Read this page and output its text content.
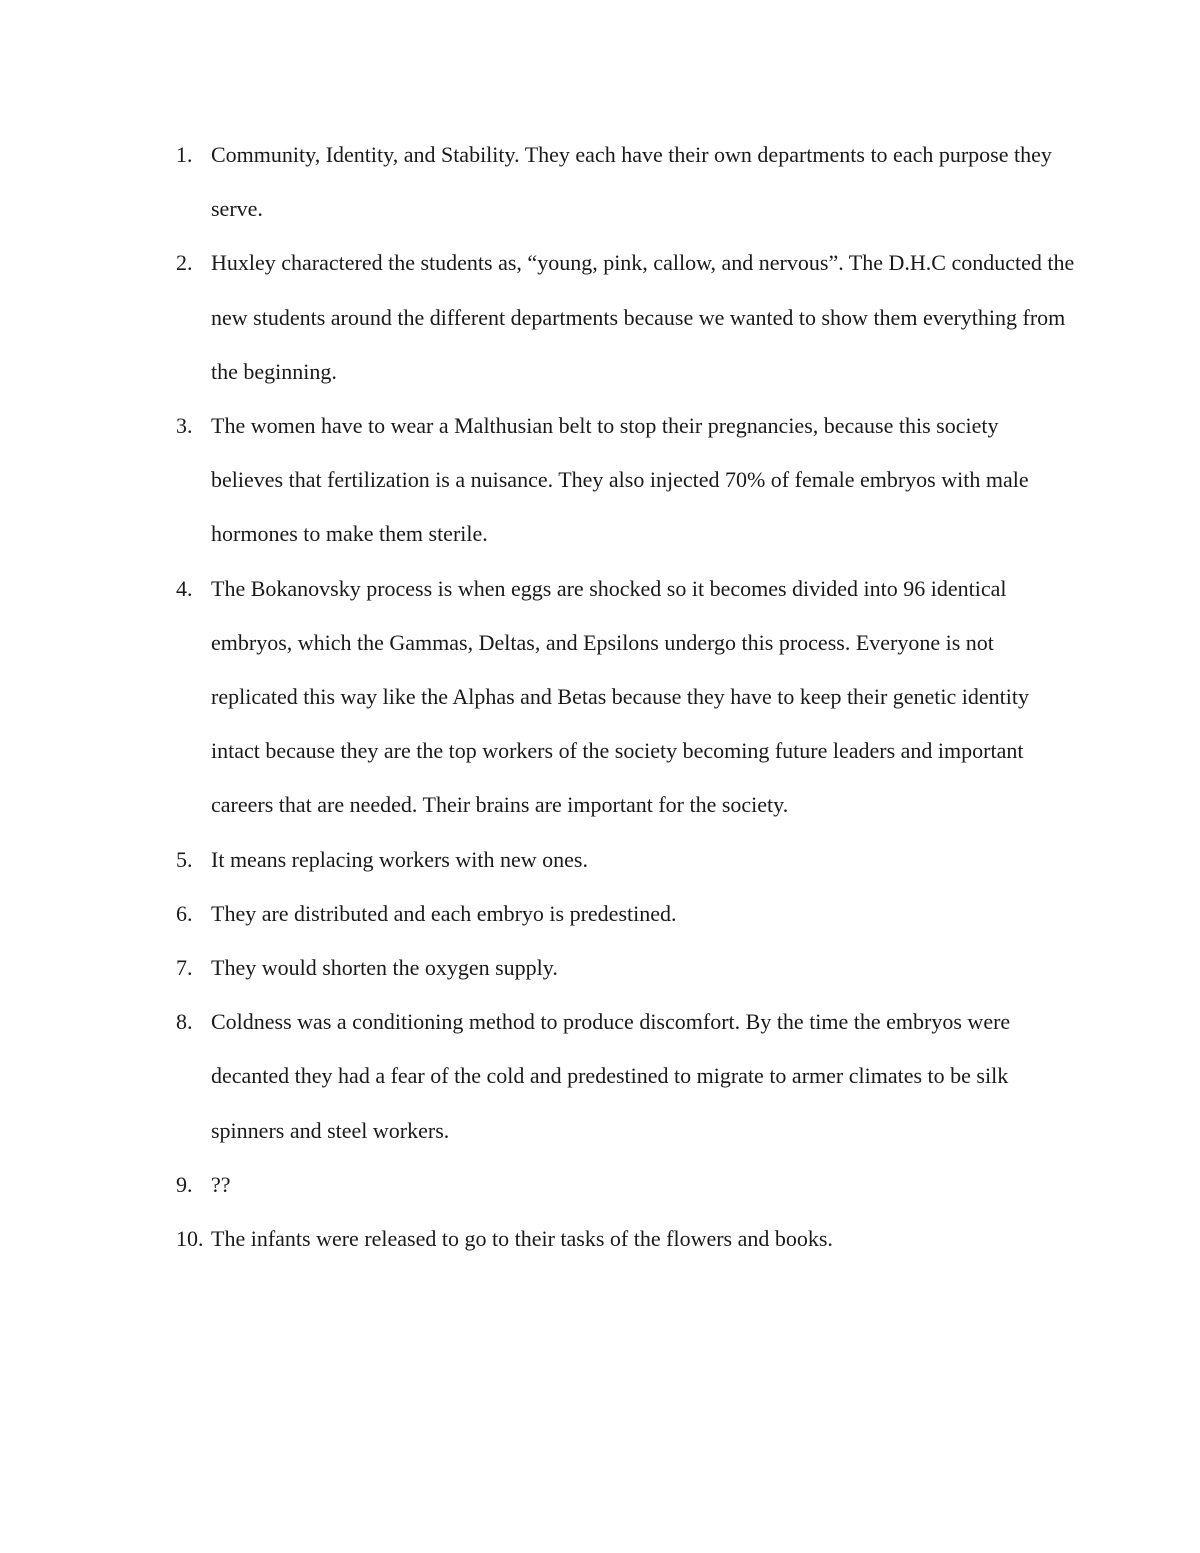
1. Community, Identity, and Stability. They each have their own departments to each purpose they serve.
2. Huxley charactered the students as, “young, pink, callow, and nervous”. The D.H.C conducted the new students around the different departments because we wanted to show them everything from the beginning.
3. The women have to wear a Malthusian belt to stop their pregnancies, because this society believes that fertilization is a nuisance. They also injected 70% of female embryos with male hormones to make them sterile.
4. The Bokanovsky process is when eggs are shocked so it becomes divided into 96 identical embryos, which the Gammas, Deltas, and Epsilons undergo this process. Everyone is not replicated this way like the Alphas and Betas because they have to keep their genetic identity intact because they are the top workers of the society becoming future leaders and important careers that are needed. Their brains are important for the society.
5. It means replacing workers with new ones.
6. They are distributed and each embryo is predestined.
7. They would shorten the oxygen supply.
8. Coldness was a conditioning method to produce discomfort. By the time the embryos were decanted they had a fear of the cold and predestined to migrate to armer climates to be silk spinners and steel workers.
9. ??
10. The infants were released to go to their tasks of the flowers and books.
